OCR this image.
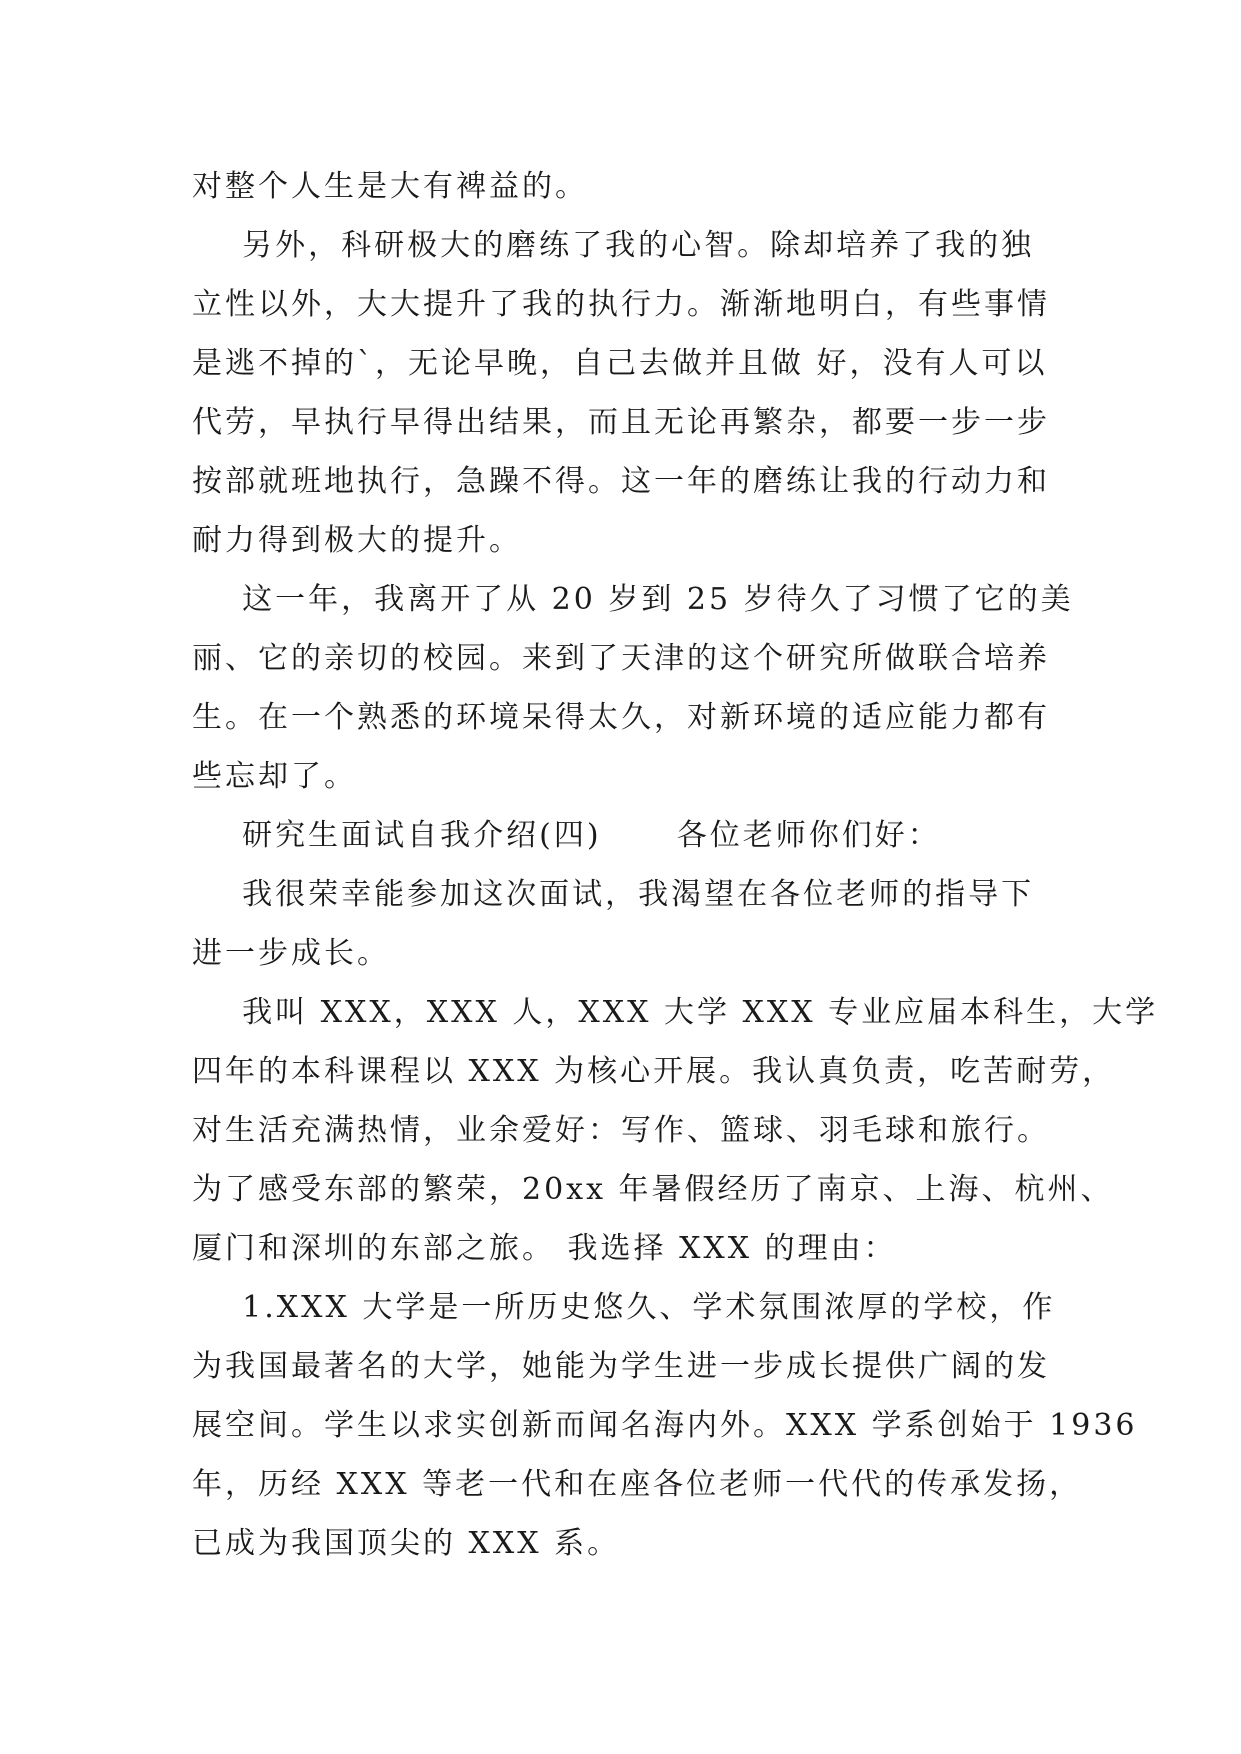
对整个人生是大有裨益的。
另外，科研极大的磨练了我的心智。除却培养了我的独
立性以外，大大提升了我的执行力。渐渐地明白，有些事情
是逃不掉的`，无论早晚，自己去做并且做 好，没有人可以
代劳，早执行早得出结果，而且无论再繁杂，都要一步一步
按部就班地执行，急躁不得。这一年的磨练让我的行动力和
耐力得到极大的提升。
这一年，我离开了从 20 岁到 25 岁待久了习惯了它的美
丽、它的亲切的校园。来到了天津的这个研究所做联合培养
生。在一个熟悉的环境呆得太久，对新环境的适应能力都有
些忘却了。
研究生面试自我介绍(四)      各位老师你们好：
我很荣幸能参加这次面试，我渴望在各位老师的指导下
进一步成长。
我叫 XXX，XXX 人，XXX 大学 XXX 专业应届本科生，大学
四年的本科课程以 XXX 为核心开展。我认真负责，吃苦耐劳，
对生活充满热情，业余爱好：写作、篮球、羽毛球和旅行。
为了感受东部的繁荣，20xx 年暑假经历了南京、上海、杭州、
厦门和深圳的东部之旅。 我选择 XXX 的理由：
1.XXX 大学是一所历史悠久、学术氛围浓厚的学校，作
为我国最著名的大学，她能为学生进一步成长提供广阔的发
展空间。学生以求实创新而闻名海内外。XXX 学系创始于 1936
年，历经 XXX 等老一代和在座各位老师一代代的传承发扬，
已成为我国顶尖的 XXX 系。
